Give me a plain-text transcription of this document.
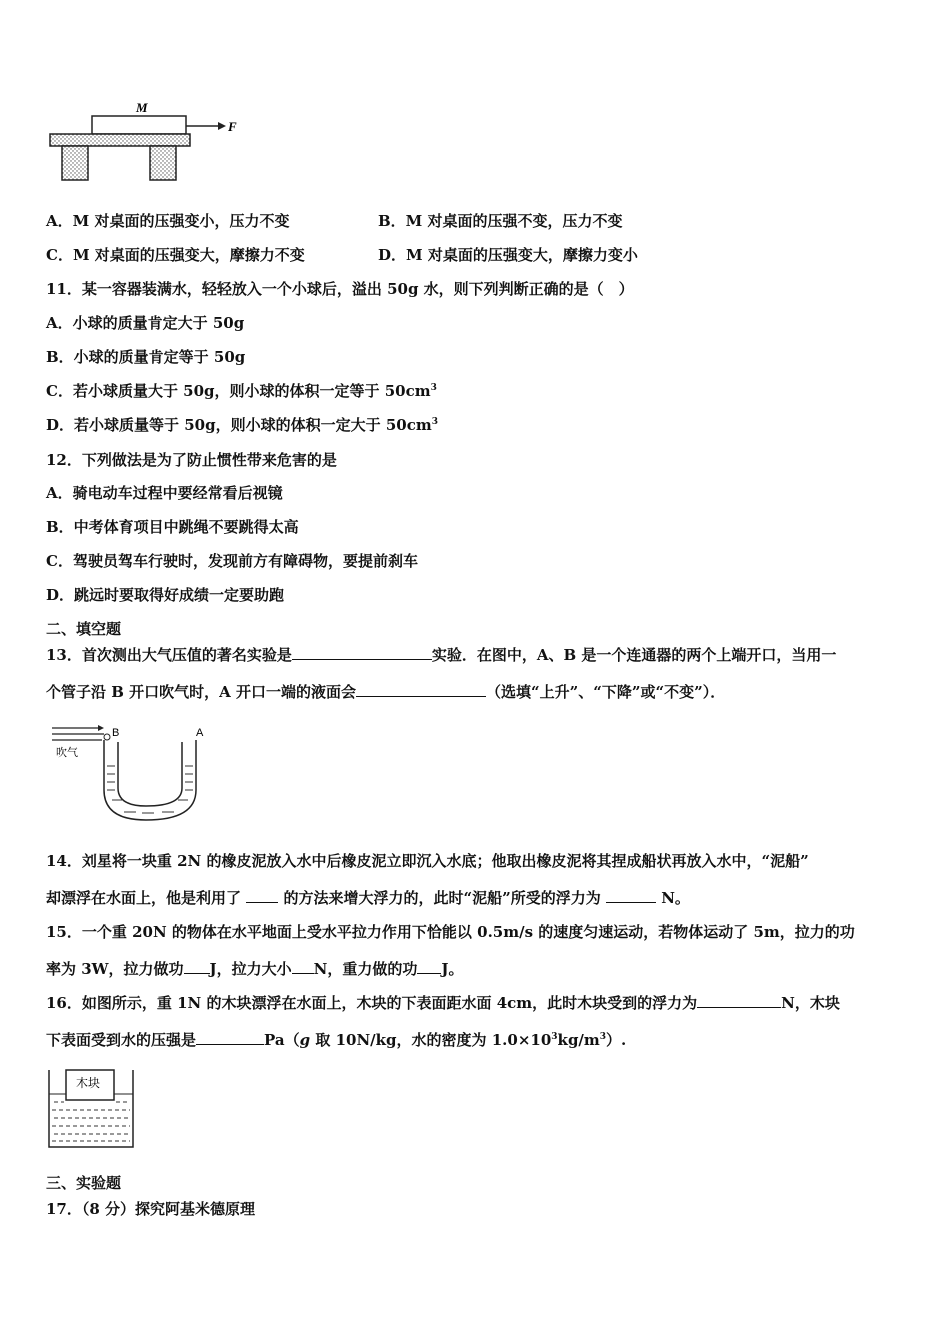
M
F
A．M 对桌面的压强变小，压力不变	B．M 对桌面的压强不变，压力不变
C．M 对桌面的压强变大，摩擦力不变	D．M 对桌面的压强变大，摩擦力变小
11．某一容器装满水，轻轻放入一个小球后，溢出 50g 水，则下列判断正确的是（　）
A．小球的质量肯定大于 50g
B．小球的质量肯定等于 50g
C．若小球质量大于 50g，则小球的体积一定等于 $50cm^3$
D．若小球质量等于 50g，则小球的体积一定大于 $50cm^3$
12．下列做法是为了防止惯性带来危害的是
A．骑电动车过程中要经常看后视镜
B．中考体育项目中跳绳不要跳得太高
C．驾驶员驾车行驶时，发现前方有障碍物，要提前刹车
D．跳远时要取得好成绩一定要助跑
二、填空题
13．首次测出大气压值的著名实验是	实验．在图中，A、B 是一个连通器的两个上端开口，当用一
个管子沿 B 开口吹气时，A 开口一端的液面会	（选填“上升”、“下降”或“不变”）．
吹气
B	A
14．刘星将一块重 2N 的橡皮泥放入水中后橡皮泥立即沉入水底；他取出橡皮泥将其捏成船状再放入水中，“泥船”
却漂浮在水面上，他是利用了	的方法来增大浮力的，此时“泥船”所受的浮力为	N。
15．一个重 20N 的物体在水平地面上受水平拉力作用下恰能以 0.5m/s 的速度匀速运动，若物体运动了 5m，拉力的功
率为 3W，拉力做功 J，拉力大小 N，重力做的功 J。
16．如图所示，重 1N 的木块漂浮在水面上，木块的下表面距水面 4cm，此时木块受到的浮力为	N，木块
下表面受到水的压强是	Pa（g 取 10N/kg，水的密度为 $1.0\times 10^3kg/m^3$）.
木块
三、实验题
17．（8 分）探究阿基米德原理
